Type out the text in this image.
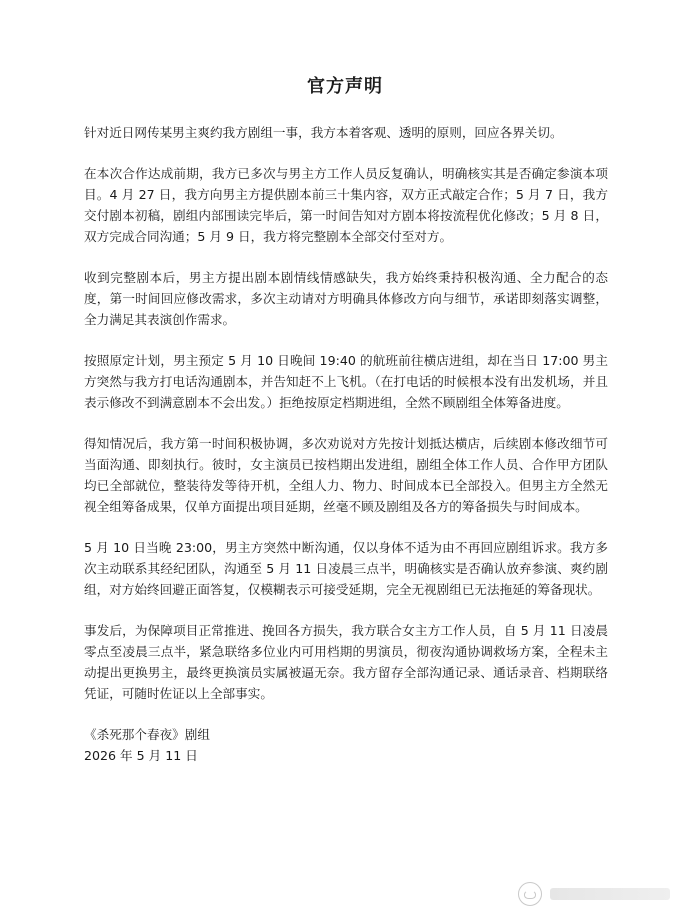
官方声明

针对近日网传某男主爽约我方剧组一事，我方本着客观、透明的原则，回应各界关切。

在本次合作达成前期，我方已多次与男主方工作人员反复确认，明确核实其是否确定参演本项目。4 月 27 日，我方向男主方提供剧本前三十集内容，双方正式敲定合作；5 月 7 日，我方交付剧本初稿，剧组内部围读完毕后，第一时间告知对方剧本将按流程优化修改；5 月 8 日，双方完成合同沟通；5 月 9 日，我方将完整剧本全部交付至对方。

收到完整剧本后，男主方提出剧本剧情线情感缺失，我方始终秉持积极沟通、全力配合的态度，第一时间回应修改需求，多次主动请对方明确具体修改方向与细节，承诺即刻落实调整，全力满足其表演创作需求。

按照原定计划，男主预定 5 月 10 日晚间 19:40 的航班前往横店进组，却在当日 17:00 男主方突然与我方打电话沟通剧本，并告知赶不上飞机。（在打电话的时候根本没有出发机场，并且表示修改不到满意剧本不会出发。）拒绝按原定档期进组，全然不顾剧组全体筹备进度。

得知情况后，我方第一时间积极协调，多次劝说对方先按计划抵达横店，后续剧本修改细节可当面沟通、即刻执行。彼时，女主演员已按档期出发进组，剧组全体工作人员、合作甲方团队均已全部就位，整装待发等待开机，全组人力、物力、时间成本已全部投入。但男主方全然无视全组筹备成果，仅单方面提出项目延期，丝毫不顾及剧组及各方的筹备损失与时间成本。

5 月 10 日当晚 23:00，男主方突然中断沟通，仅以身体不适为由不再回应剧组诉求。我方多次主动联系其经纪团队，沟通至 5 月 11 日凌晨三点半，明确核实是否确认放弃参演、爽约剧组，对方始终回避正面答复，仅模糊表示可接受延期，完全无视剧组已无法拖延的筹备现状。

事发后，为保障项目正常推进、挽回各方损失，我方联合女主方工作人员，自 5 月 11 日凌晨零点至凌晨三点半，紧急联络多位业内可用档期的男演员，彻夜沟通协调救场方案，全程未主动提出更换男主，最终更换演员实属被逼无奈。我方留存全部沟通记录、通话录音、档期联络凭证，可随时佐证以上全部事实。

《杀死那个春夜》剧组
2026 年 5 月 11 日
